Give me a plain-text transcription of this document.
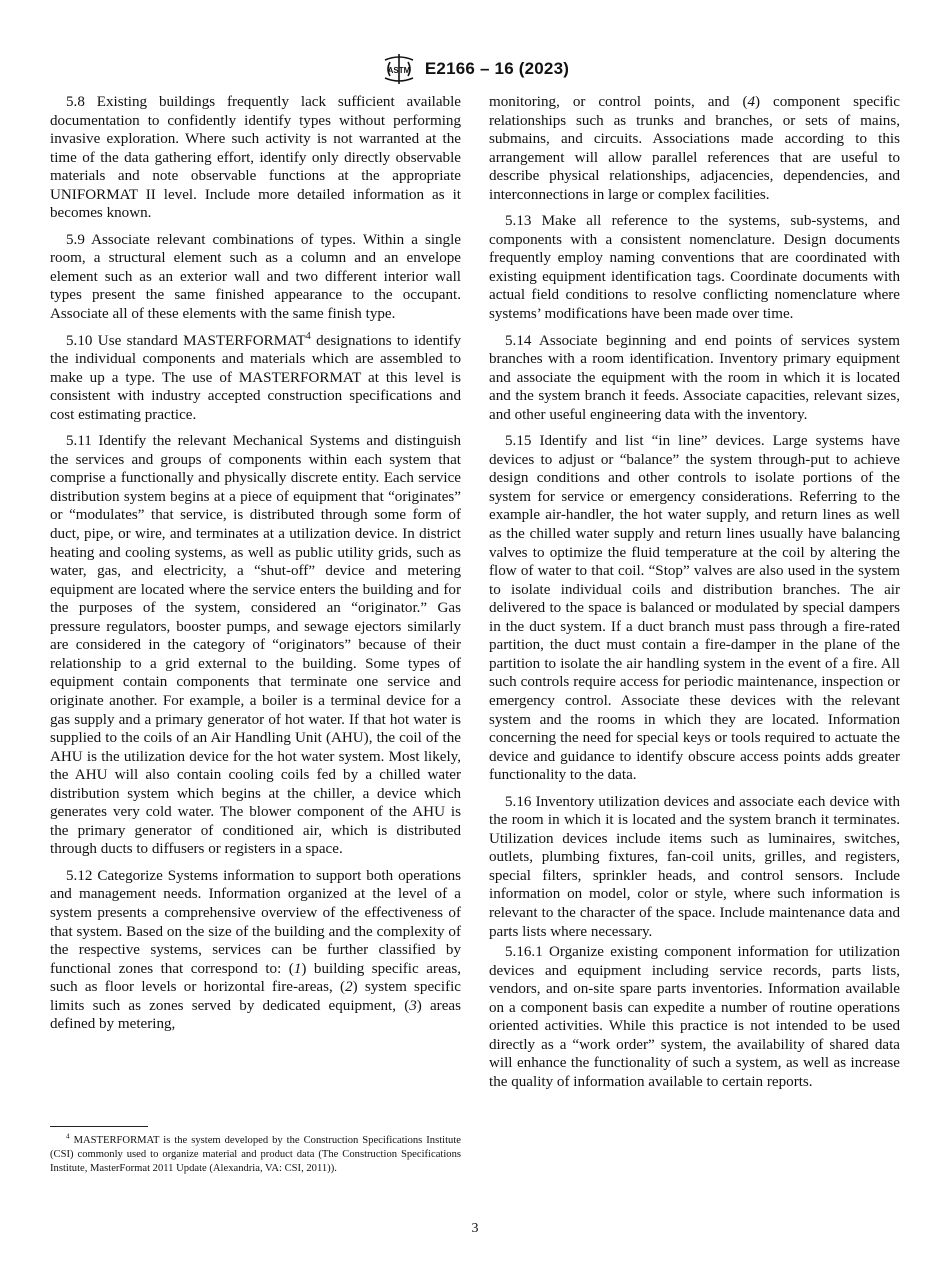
ASTM E2166 – 16 (2023)

5.8 Existing buildings frequently lack sufficient available documentation to confidently identify types without performing invasive exploration. Where such activity is not warranted at the time of the data gathering effort, identify only directly observable materials and note observable functions at the appropriate UNIFORMAT II level. Include more detailed information as it becomes known.

5.9 Associate relevant combinations of types. Within a single room, a structural element such as a column and an envelope element such as an exterior wall and two different interior wall types present the same finished appearance to the occupant. Associate all of these elements with the same finish type.

5.10 Use standard MASTERFORMAT$^4$ designations to identify the individual components and materials which are assembled to make up a type. The use of MASTERFORMAT at this level is consistent with industry accepted construction specifications and cost estimating practice.

5.11 Identify the relevant Mechanical Systems and distinguish the services and groups of components within each system that comprise a functionally and physically discrete entity. Each service distribution system begins at a piece of equipment that “originates” or “modulates” that service, is distributed through some form of duct, pipe, or wire, and terminates at a utilization device. In district heating and cooling systems, as well as public utility grids, such as water, gas, and electricity, a “shut-off” device and metering equipment are located where the service enters the building and for the purposes of the system, considered an “originator.” Gas pressure regulators, booster pumps, and sewage ejectors similarly are considered in the category of “originators” because of their relationship to a grid external to the building. Some types of equipment contain components that terminate one service and originate another. For example, a boiler is a terminal device for a gas supply and a primary generator of hot water. If that hot water is supplied to the coils of an Air Handling Unit (AHU), the coil of the AHU is the utilization device for the hot water system. Most likely, the AHU will also contain cooling coils fed by a chilled water distribution system which begins at the chiller, a device which generates very cold water. The blower component of the AHU is the primary generator of conditioned air, which is distributed through ducts to diffusers or registers in a space.

5.12 Categorize Systems information to support both operations and management needs. Information organized at the level of a system presents a comprehensive overview of the effectiveness of that system. Based on the size of the building and the complexity of the respective systems, services can be further classified by functional zones that correspond to: (1) building specific areas, such as floor levels or horizontal fire-areas, (2) system specific limits such as zones served by dedicated equipment, (3) areas defined by metering,

monitoring, or control points, and (4) component specific relationships such as trunks and branches, or sets of mains, submains, and circuits. Associations made according to this arrangement will allow parallel references that are useful to describe physical relationships, adjacencies, dependencies, and interconnections in large or complex facilities.

5.13 Make all reference to the systems, sub-systems, and components with a consistent nomenclature. Design documents frequently employ naming conventions that are coordinated with existing equipment identification tags. Coordinate documents with actual field conditions to resolve conflicting nomenclature where systems’ modifications have been made over time.

5.14 Associate beginning and end points of services system branches with a room identification. Inventory primary equipment and associate the equipment with the room in which it is located and the system branch it feeds. Associate capacities, relevant sizes, and other useful engineering data with the inventory.

5.15 Identify and list “in line” devices. Large systems have devices to adjust or “balance” the system through-put to achieve design conditions and other controls to isolate portions of the system for service or emergency considerations. Referring to the example air-handler, the hot water supply, and return lines as well as the chilled water supply and return lines usually have balancing valves to optimize the fluid temperature at the coil by altering the flow of water to that coil. “Stop” valves are also used in the system to isolate individual coils and distribution branches. The air delivered to the space is balanced or modulated by special dampers in the duct system. If a duct branch must pass through a fire-rated partition, the duct must contain a fire-damper in the plane of the partition to isolate the air handling system in the event of a fire. All such controls require access for periodic maintenance, inspection or emergency control. Associate these devices with the relevant system and the rooms in which they are located. Information concerning the need for special keys or tools required to actuate the device and guidance to identify obscure access points adds greater functionality to the data.

5.16 Inventory utilization devices and associate each device with the room in which it is located and the system branch it terminates. Utilization devices include items such as luminaires, switches, outlets, plumbing fixtures, fan-coil units, grilles, and registers, special filters, sprinkler heads, and control sensors. Include information on model, color or style, where such information is relevant to the character of the space. Include maintenance data and parts lists where necessary.

5.16.1 Organize existing component information for utilization devices and equipment including service records, parts lists, vendors, and on-site spare parts inventories. Information available on a component basis can expedite a number of routine operations oriented activities. While this practice is not intended to be used directly as a “work order” system, the availability of shared data will enhance the functionality of such a system, as well as increase the quality of information available to certain reports.

$^4$ MASTERFORMAT is the system developed by the Construction Specifications Institute (CSI) commonly used to organize material and product data (The Construction Specifications Institute, MasterFormat 2011 Update (Alexandria, VA: CSI, 2011)).

3
